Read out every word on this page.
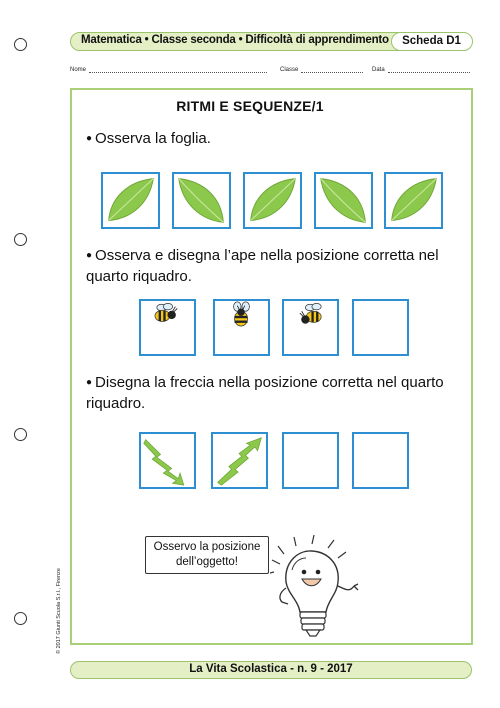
Matematica • Classe seconda • Difficoltà di apprendimento	Scheda D1
Nome	Classe	Data
RITMI E SEQUENZE/1
● Osserva la foglia.
● Osserva e disegna l’ape nella posizione corretta nel quarto riquadro.
● Disegna la freccia nella posizione corretta nel quarto riquadro.
Osservo la posizione
dell’oggetto!
© 2017 Giunti Scuola S.r.l., Firenze
La Vita Scolastica - n. 9 - 2017
